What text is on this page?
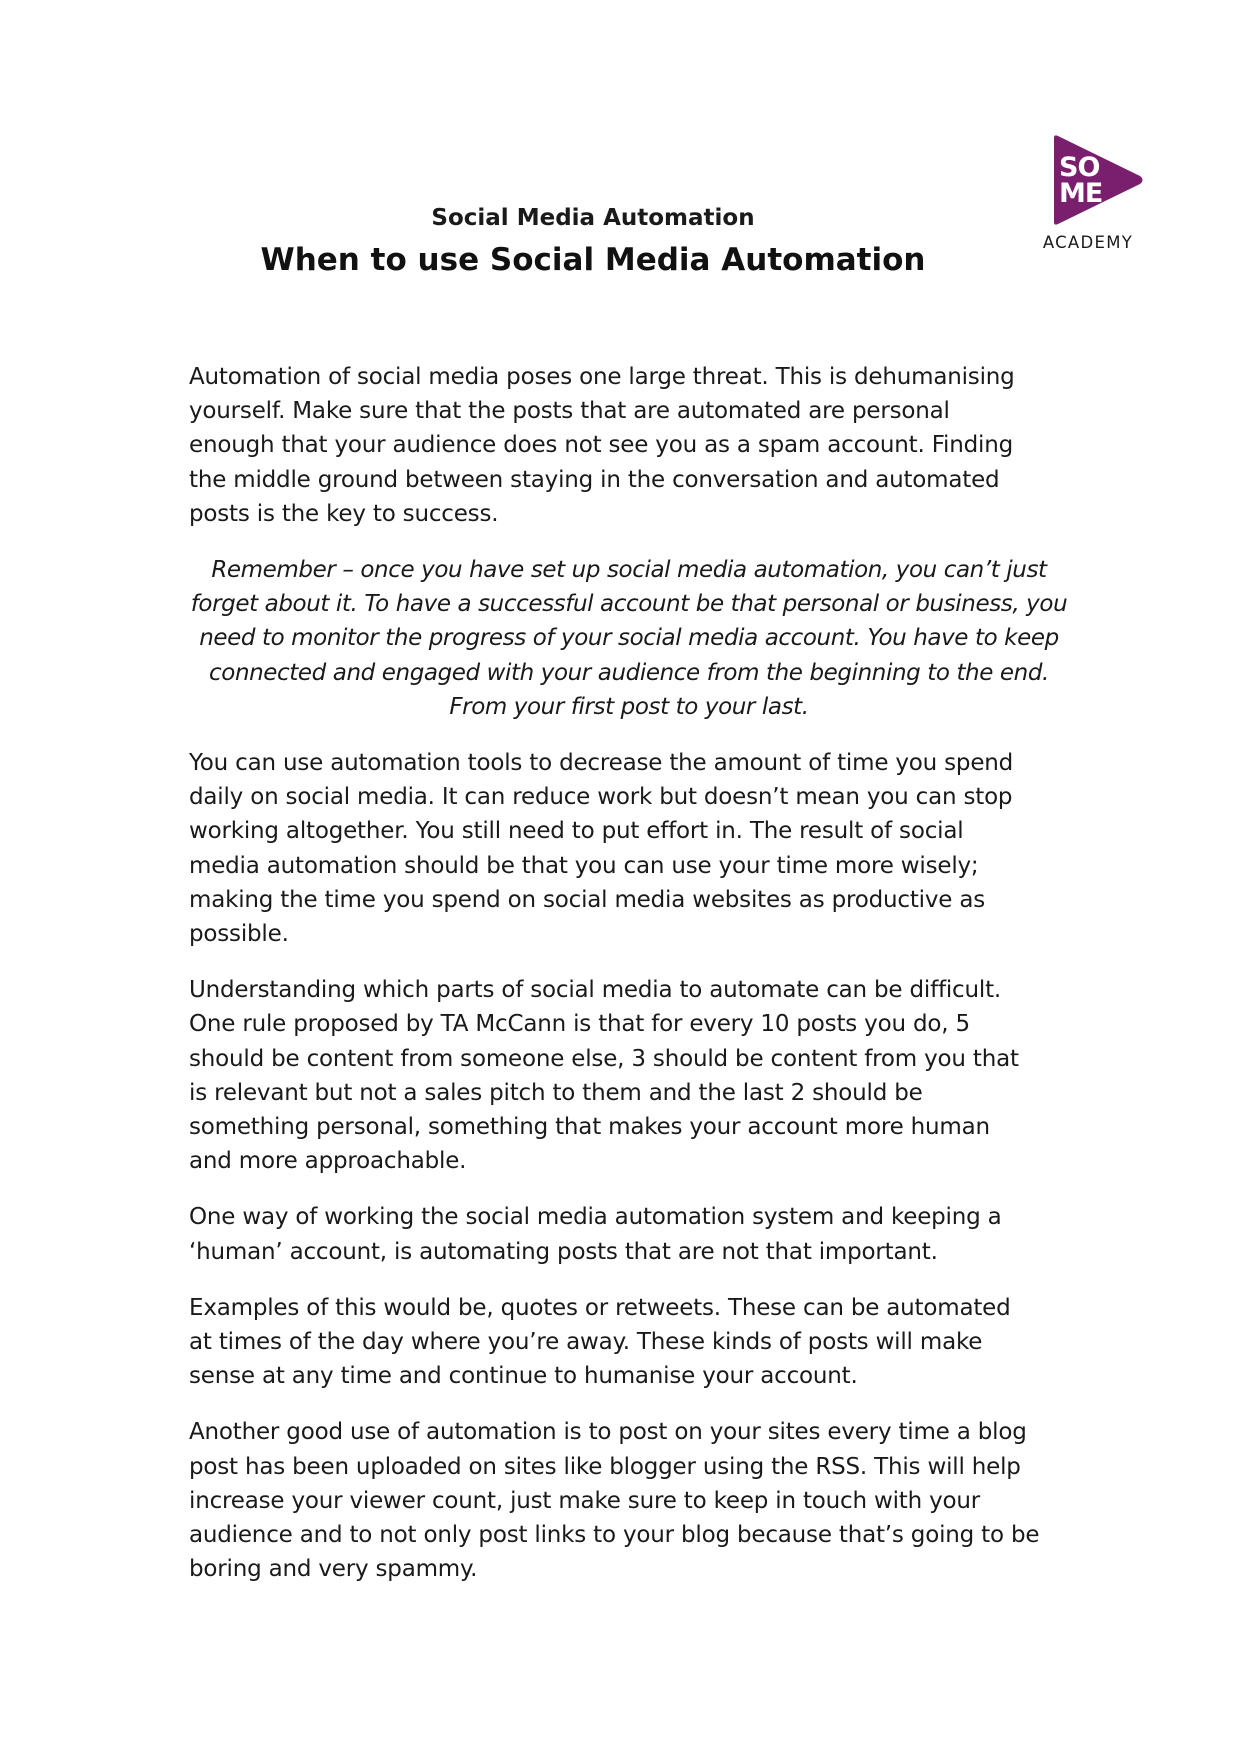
SO
ME
ACADEMY
Social Media Automation
When to use Social Media Automation

Automation of social media poses one large threat. This is dehumanising
yourself. Make sure that the posts that are automated are personal
enough that your audience does not see you as a spam account. Finding
the middle ground between staying in the conversation and automated
posts is the key to success.

Remember – once you have set up social media automation, you can’t just
forget about it. To have a successful account be that personal or business, you
need to monitor the progress of your social media account. You have to keep
connected and engaged with your audience from the beginning to the end.
From your first post to your last.

You can use automation tools to decrease the amount of time you spend
daily on social media. It can reduce work but doesn’t mean you can stop
working altogether. You still need to put effort in. The result of social
media automation should be that you can use your time more wisely;
making the time you spend on social media websites as productive as
possible.

Understanding which parts of social media to automate can be difficult.
One rule proposed by TA McCann is that for every 10 posts you do, 5
should be content from someone else, 3 should be content from you that
is relevant but not a sales pitch to them and the last 2 should be
something personal, something that makes your account more human
and more approachable.

One way of working the social media automation system and keeping a
‘human’ account, is automating posts that are not that important.

Examples of this would be, quotes or retweets. These can be automated
at times of the day where you’re away. These kinds of posts will make
sense at any time and continue to humanise your account.

Another good use of automation is to post on your sites every time a blog
post has been uploaded on sites like blogger using the RSS. This will help
increase your viewer count, just make sure to keep in touch with your
audience and to not only post links to your blog because that’s going to be
boring and very spammy.
